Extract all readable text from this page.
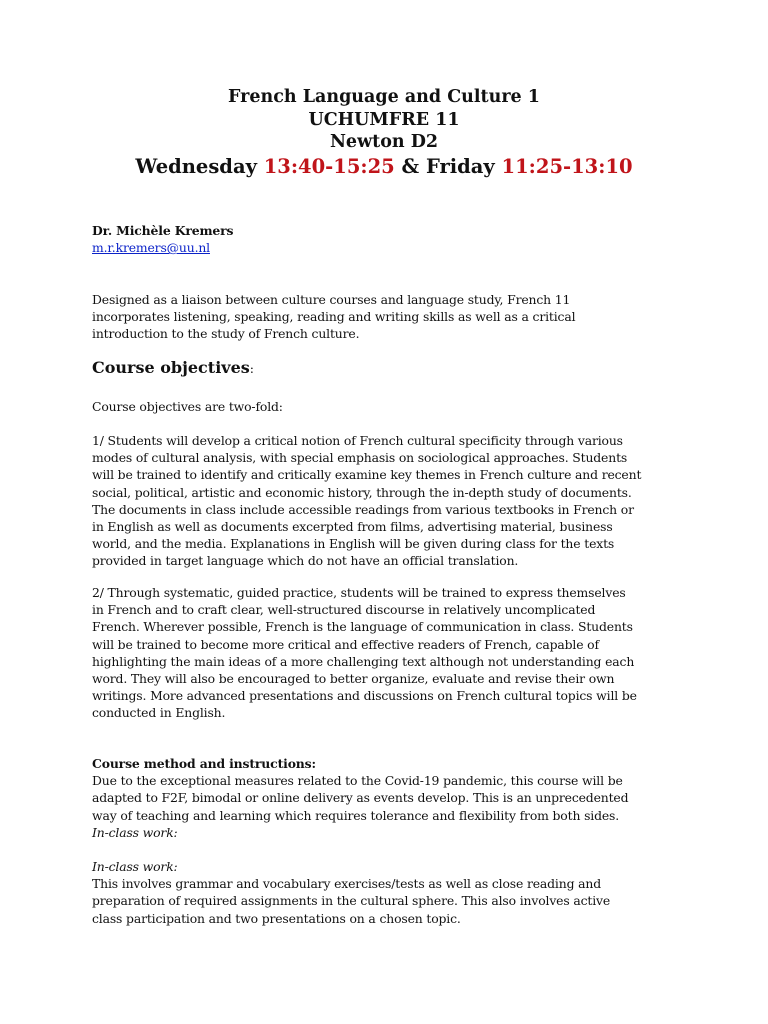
French Language and Culture 1
UCHUMFRE 11
Newton D2
Wednesday 13:40-15:25 & Friday 11:25-13:10

Dr. Michèle Kremers

m.r.kremers@uu.nl

Designed as a liaison between culture courses and language study, French 11

incorporates listening, speaking, reading and writing skills as well as a critical

introduction to the study of French culture.

Course objectives:

Course objectives are two-fold:

1/ Students will develop a critical notion of French cultural specificity through various

modes of cultural analysis, with special emphasis on sociological approaches. Students

will be trained to identify and critically examine key themes in French culture and recent

social, political, artistic and economic history, through the in-depth study of documents.

The documents in class include accessible readings from various textbooks in French or

in English as well as documents excerpted from films, advertising material, business

world, and the media. Explanations in English will be given during class for the texts

provided in target language which do not have an official translation.

2/ Through systematic, guided practice, students will be trained to express themselves

in French and to craft clear, well-structured discourse in relatively uncomplicated

French. Wherever possible, French is the language of communication in class. Students

will be trained to become more critical and effective readers of French, capable of

highlighting the main ideas of a more challenging text although not understanding each

word. They will also be encouraged to better organize, evaluate and revise their own

writings. More advanced presentations and discussions on French cultural topics will be

conducted in English.

Course method and instructions:

Due to the exceptional measures related to the Covid-19 pandemic, this course will be

adapted to F2F, bimodal or online delivery as events develop. This is an unprecedented

way of teaching and learning which requires tolerance and flexibility from both sides.

In-class work:

In-class work:

This involves grammar and vocabulary exercises/tests as well as close reading and

preparation of required assignments in the cultural sphere. This also involves active

class participation and two presentations on a chosen topic.
